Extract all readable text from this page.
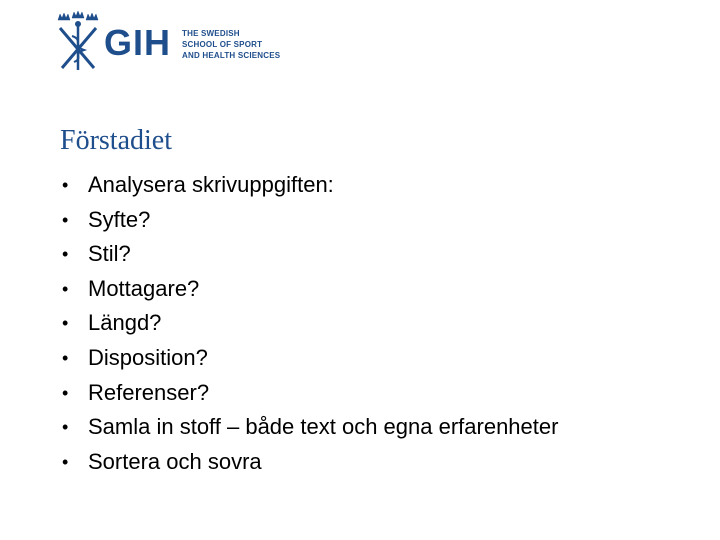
GIH THE SWEDISH
SCHOOL OF SPORT
AND HEALTH SCIENCES
Förstadiet
• Analysera skrivuppgiften:
• Syfte?
• Stil?
• Mottagare?
• Längd?
• Disposition?
• Referenser?
• Samla in stoff – både text och egna erfarenheter
• Sortera och sovra
